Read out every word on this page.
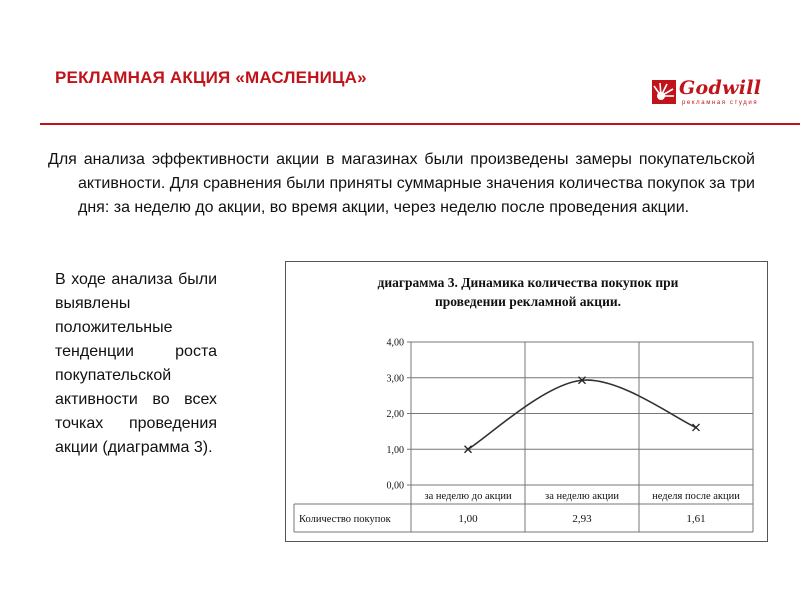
РЕКЛАМНАЯ АКЦИЯ «МАСЛЕНИЦА»	Godwill
рекламная студия

Для анализа эффективности акции в магазинах были произведены замеры покупательской активности. Для сравнения были приняты суммарные значения количества покупок за три дня: за неделю до акции, во время акции, через неделю после проведения акции.

В ходе анализа были выявлены положительные тенденции роста покупательской активности во всех точках проведения акции (диаграмма 3).

диаграмма 3. Динамика количества покупок при
проведении рекламной акции.
0,00
1,00
2,00
3,00
4,00
за неделю до акции	за неделю акции	неделя после акции
Количество покупок	1,00	2,93	1,61
